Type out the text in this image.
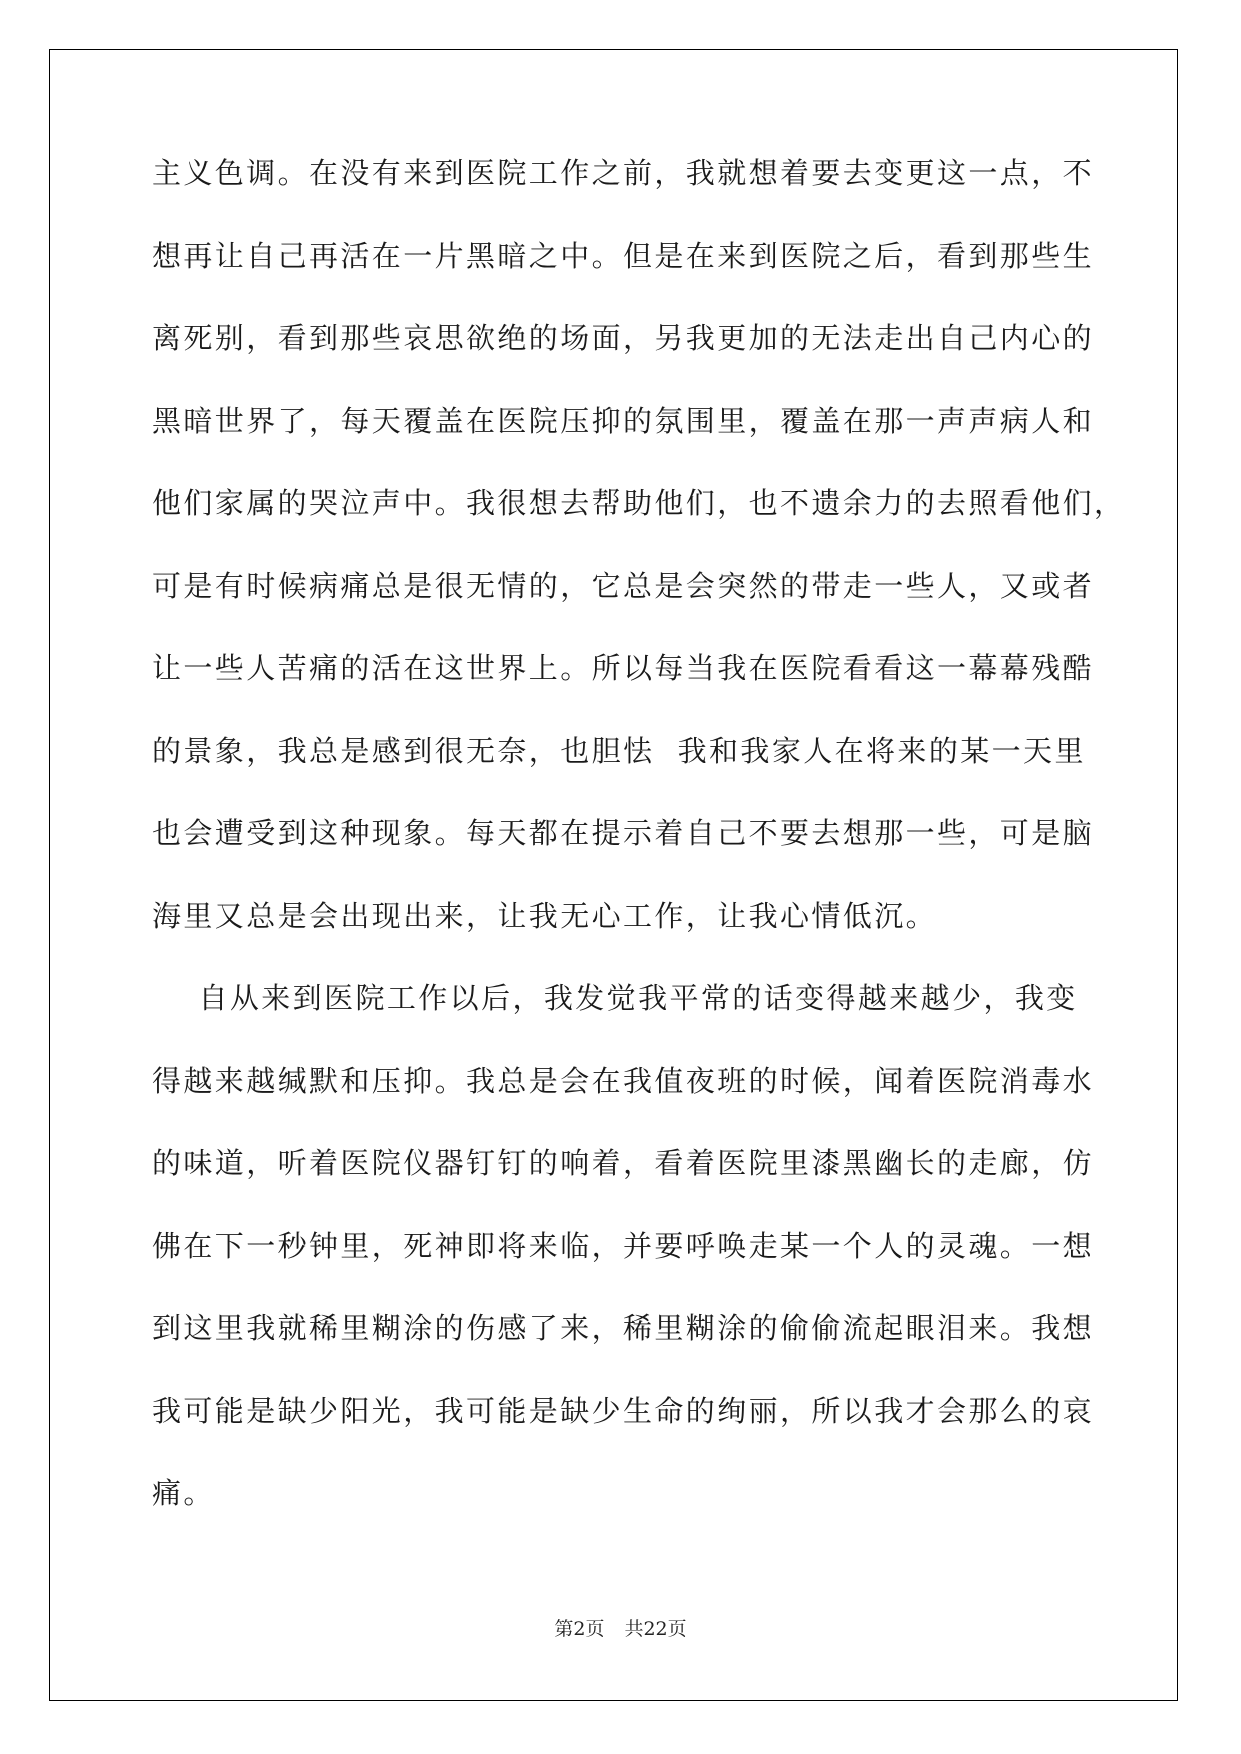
主义色调。在没有来到医院工作之前，我就想着要去变更这一点，不
想再让自己再活在一片黑暗之中。但是在来到医院之后，看到那些生
离死别，看到那些哀思欲绝的场面，另我更加的无法走出自己内心的
黑暗世界了，每天覆盖在医院压抑的氛围里，覆盖在那一声声病人和
他们家属的哭泣声中。我很想去帮助他们，也不遗余力的去照看他们，
可是有时候病痛总是很无情的，它总是会突然的带走一些人，又或者
让一些人苦痛的活在这世界上。所以每当我在医院看看这一幕幕残酷
的景象，我总是感到很无奈，也胆怯  我和我家人在将来的某一天里
也会遭受到这种现象。每天都在提示着自己不要去想那一些，可是脑
海里又总是会出现出来，让我无心工作，让我心情低沉。
自从来到医院工作以后，我发觉我平常的话变得越来越少，我变
得越来越缄默和压抑。我总是会在我值夜班的时候，闻着医院消毒水
的味道，听着医院仪器钉钉的响着，看着医院里漆黑幽长的走廊，仿
佛在下一秒钟里，死神即将来临，并要呼唤走某一个人的灵魂。一想
到这里我就稀里糊涂的伤感了来，稀里糊涂的偷偷流起眼泪来。我想
我可能是缺少阳光，我可能是缺少生命的绚丽，所以我才会那么的哀
痛。
第2页 共22页
